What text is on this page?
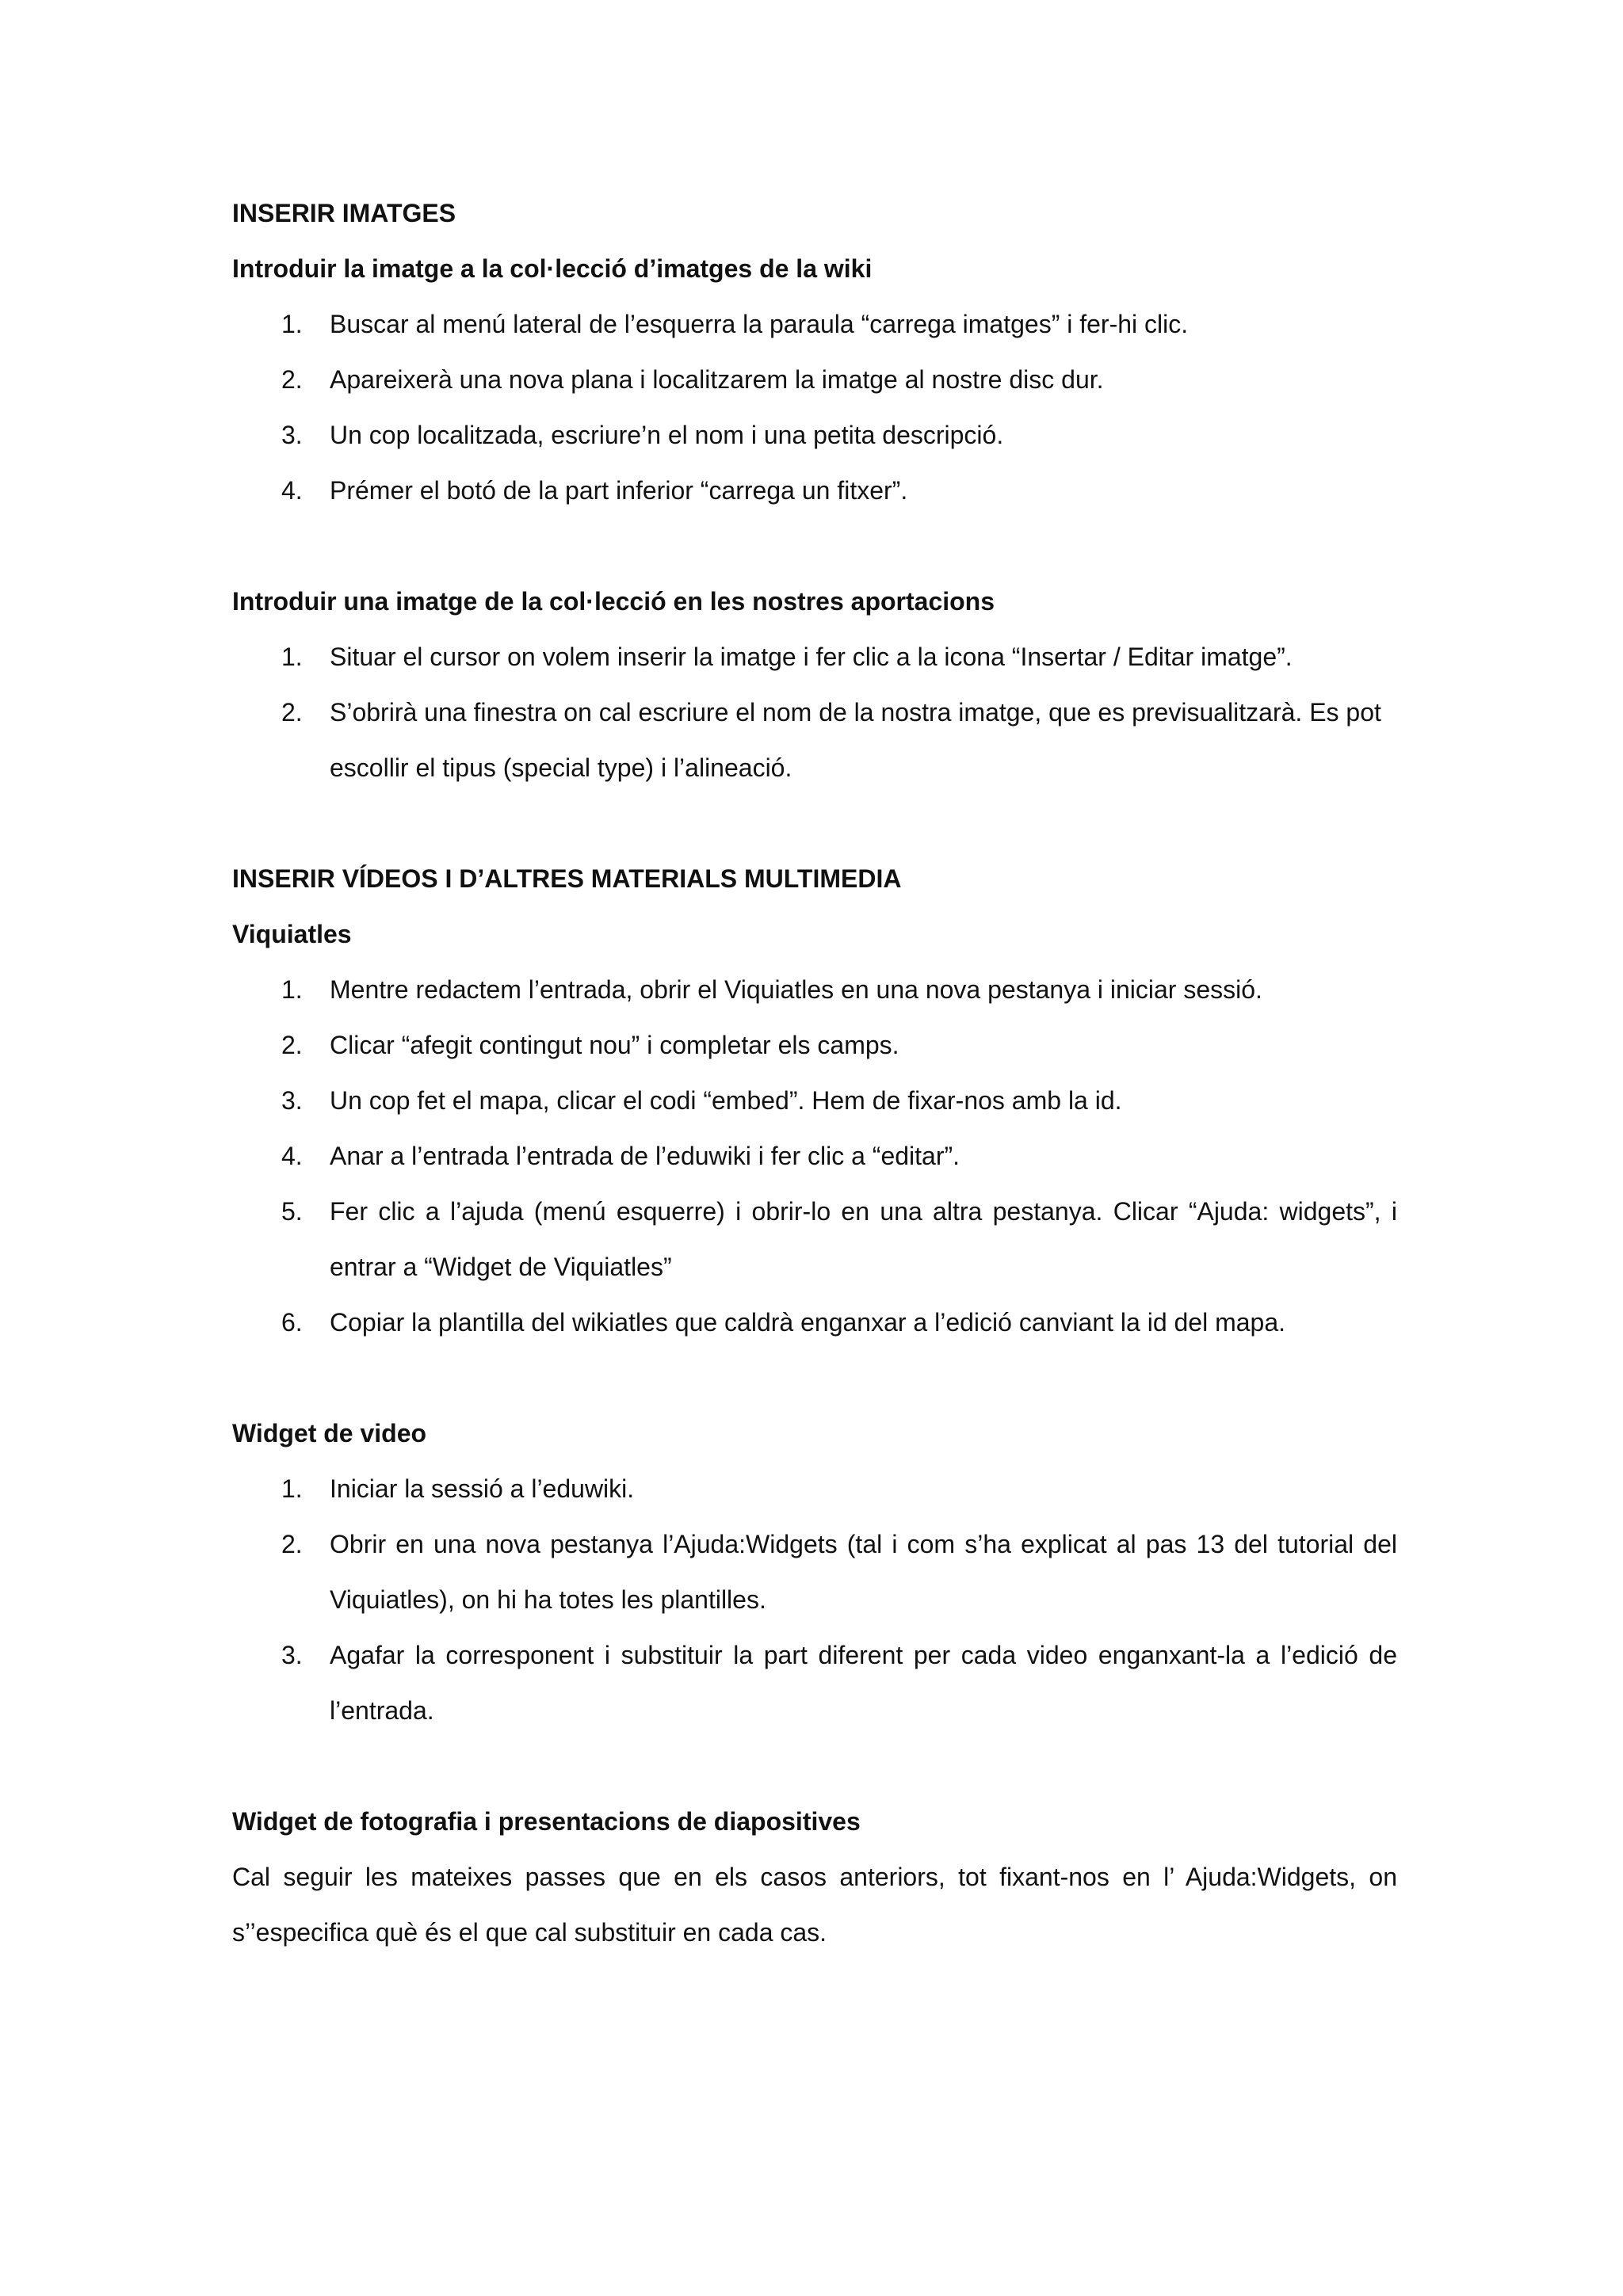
INSERIR IMATGES
Introduir la imatge a la col·lecció d’imatges de la wiki
1.	Buscar al menú lateral de l’esquerra la paraula “carrega imatges” i fer-hi clic.
2.	Apareixerà una nova plana i localitzarem la imatge al nostre disc dur.
3.	Un cop localitzada, escriure’n el nom i una petita descripció.
4.	Prémer el botó de la part inferior “carrega un fitxer”.
Introduir una imatge de la col·lecció en les nostres aportacions
1.	Situar el cursor on volem inserir la imatge i fer clic a la icona “Insertar / Editar imatge”.
2.	S’obrirà una finestra on cal escriure el nom de la nostra imatge, que es previsualitzarà. Es pot escollir el tipus (special type) i l’alineació.
INSERIR VÍDEOS I D’ALTRES MATERIALS MULTIMEDIA
Viquiatles
1.	Mentre redactem l’entrada, obrir el Viquiatles en una nova pestanya i iniciar sessió.
2.	Clicar “afegit contingut nou” i completar els camps.
3.	Un cop fet el mapa, clicar el codi “embed”. Hem de fixar-nos amb la id.
4.	Anar a l’entrada l’entrada de l’eduwiki i fer clic a “editar”.
5.	Fer clic a l’ajuda (menú esquerre) i obrir-lo en una altra pestanya. Clicar “Ajuda: widgets”, i entrar a “Widget de Viquiatles”
6.	Copiar la plantilla del wikiatles que caldrà enganxar a l’edició canviant la id del mapa.
Widget de video
1.	Iniciar la sessió a l’eduwiki.
2.	Obrir en una nova pestanya l’Ajuda:Widgets (tal i com s’ha explicat al pas 13 del tutorial del Viquiatles), on hi ha totes les plantilles.
3.	Agafar la corresponent i substituir la part diferent per cada video enganxant-la a l’edició de l’entrada.
Widget de fotografia i presentacions de diapositives
Cal seguir les mateixes passes que en els casos anteriors, tot fixant-nos en l’ Ajuda:Widgets, on s’’especifica què és el que cal substituir en cada cas.
